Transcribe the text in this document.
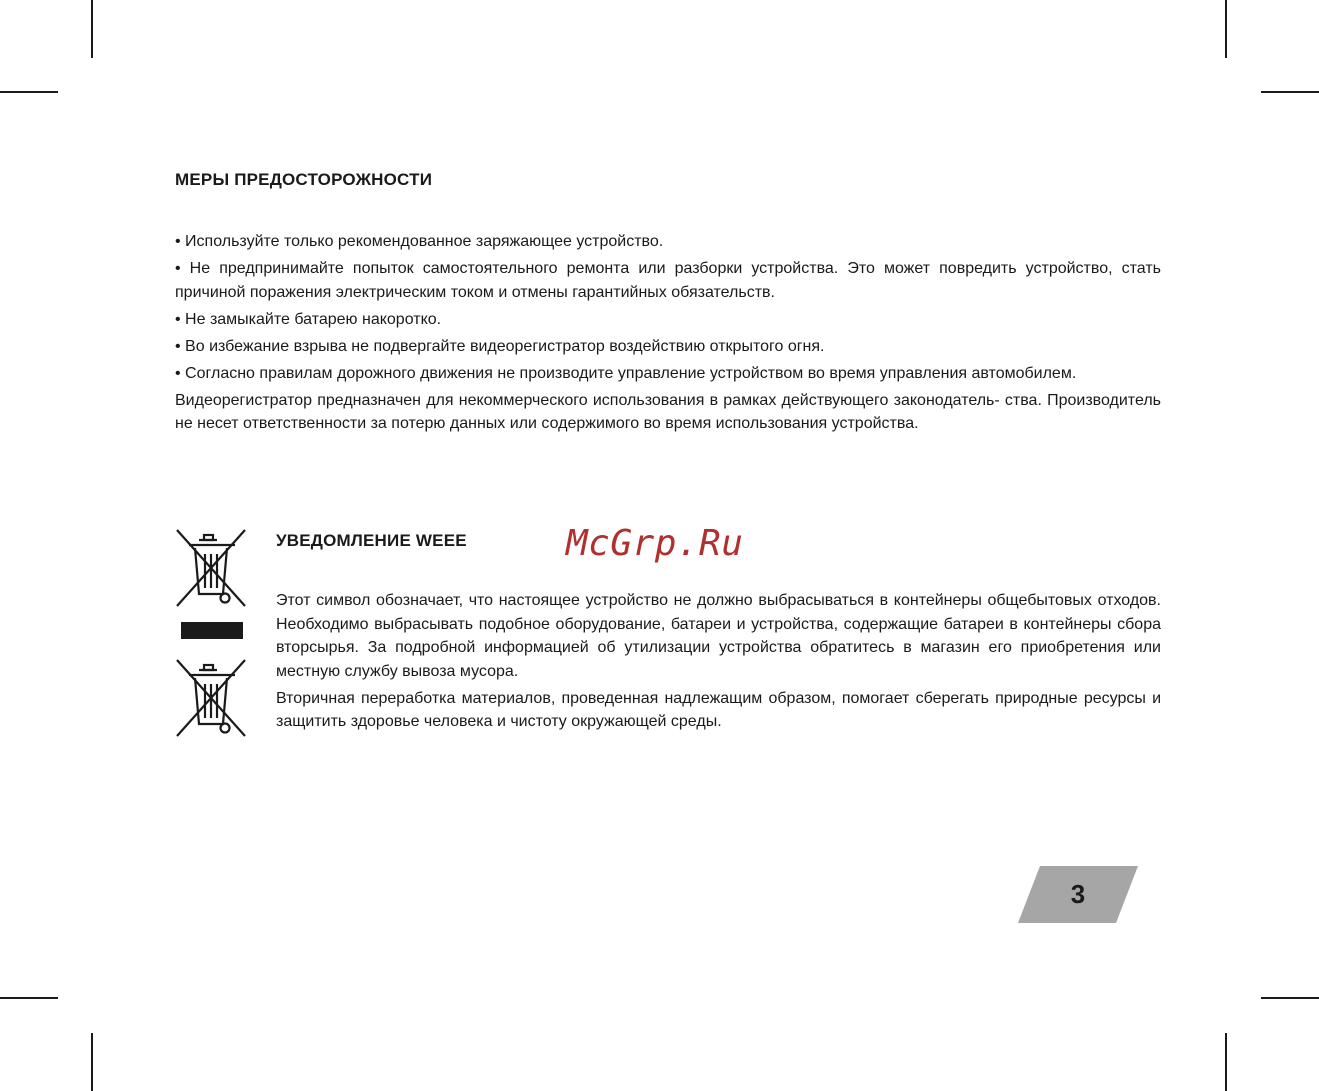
МЕРЫ ПРЕДОСТОРОЖНОСТИ

• Используйте только рекомендованное заряжающее устройство.

• Не предпринимайте попыток самостоятельного ремонта или разборки устройства. Это может повредить устройство, стать причиной поражения электрическим током и отмены гарантийных обязательств.

• Не замыкайте батарею накоротко.

• Во избежание взрыва не подвергайте видеорегистратор воздействию открытого огня.

• Согласно правилам дорожного движения не производите управление устройством во время управления автомобилем.

Видеорегистратор предназначен для некоммерческого использования в рамках действующего законодатель- ства. Производитель не несет ответственности за потерю данных или содержимого во время использования устройства.

УВЕДОМЛЕНИЕ WEEE	McGrp.Ru

Этот символ обозначает, что настоящее устройство не должно выбрасываться в контейнеры общебытовых отходов. Необходимо выбрасывать подобное оборудование, батареи и устройства, содержащие батареи в контейнеры сбора вторсырья. За подробной информацией об утилизации устройства обратитесь в магазин его приобретения или местную службу вывоза мусора.

Вторичная переработка материалов, проведенная надлежащим образом, помогает сберегать природные ресурсы и защитить здоровье человека и чистоту окружающей среды.

3
